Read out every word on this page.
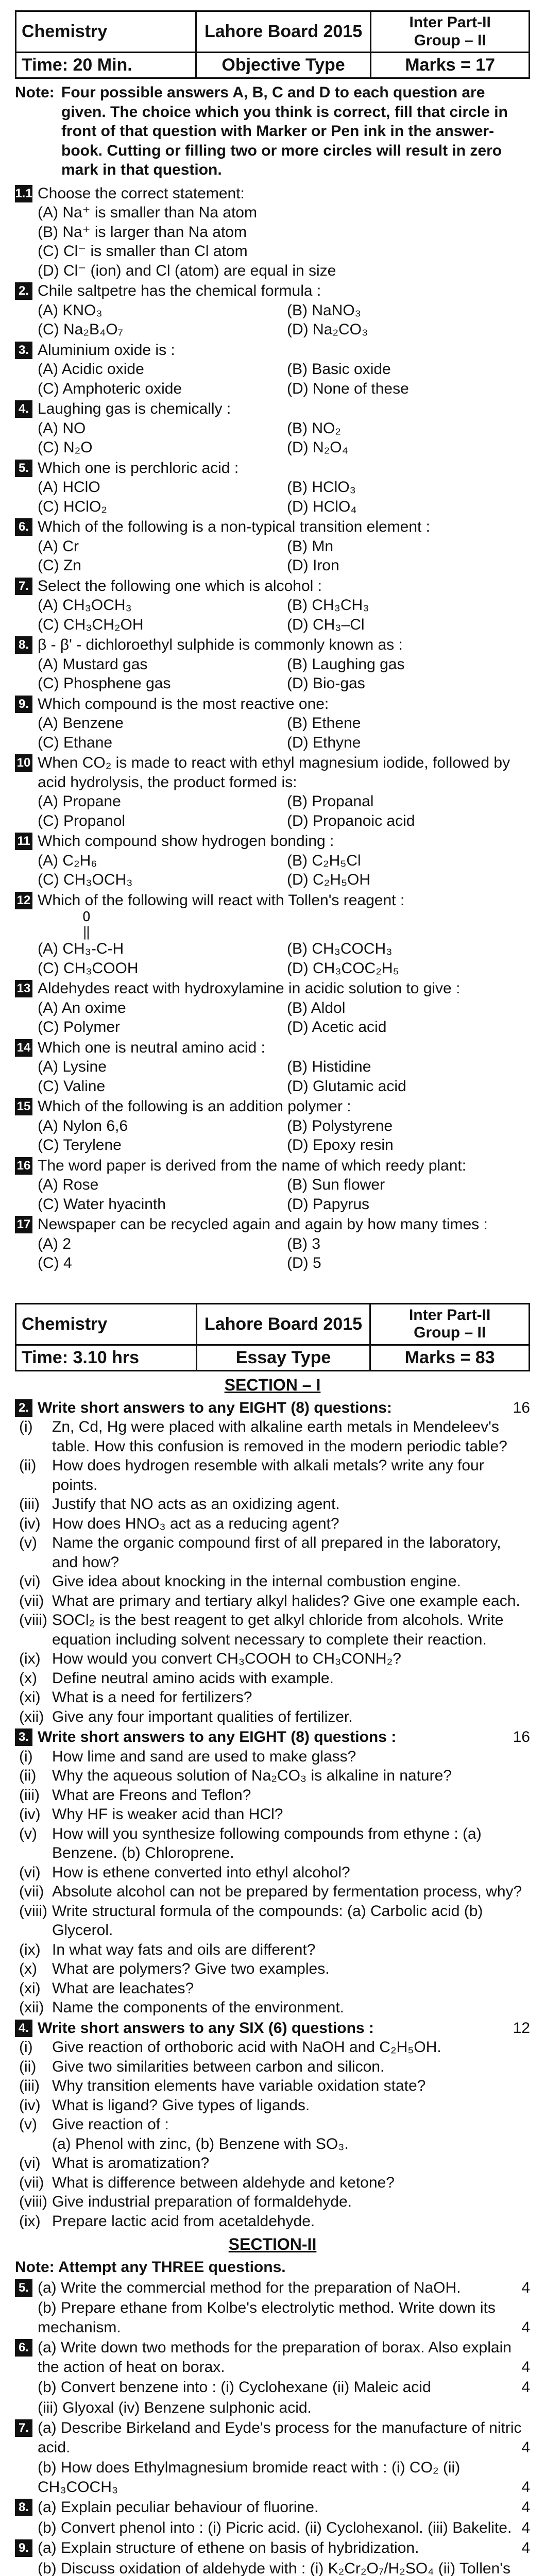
Chemistry	Lahore Board 2015	Inter Part-II
Group – II

Time: 20 Min.	Objective Type	Marks = 17
Note: Four possible answers A, B, C and D to each question are given. The choice which you think is correct, fill that circle in front of that question with Marker or Pen ink in the answer-book. Cutting or filling two or more circles will result in zero mark in that question.
1.1 Choose the correct statement:
(A) Na⁺ is smaller than Na atom
(B) Na⁺ is larger than Na atom
(C) Cl⁻ is smaller than Cl atom
(D) Cl⁻ (ion) and Cl (atom) are equal in size
2. Chile saltpetre has the chemical formula :
(A) KNO₃	(B) NaNO₃
(C) Na₂B₄O₇	(D) Na₂CO₃
3. Aluminium oxide is :
(A) Acidic oxide	(B) Basic oxide
(C) Amphoteric oxide	(D) None of these
4. Laughing gas is chemically :
(A) NO	(B) NO₂
(C) N₂O	(D) N₂O₄
5. Which one is perchloric acid :
(A) HClO	(B) HClO₃
(C) HClO₂	(D) HClO₄
6. Which of the following is a non-typical transition element :
(A) Cr	(B) Mn
(C) Zn	(D) Iron
7. Select the following one which is alcohol :
(A) CH₃OCH₃	(B) CH₃CH₃
(C) CH₃CH₂OH	(D) CH₃–Cl
8. β - β' - dichloroethyl sulphide is commonly known as :
(A) Mustard gas	(B) Laughing gas
(C) Phosphene gas	(D) Bio-gas
9. Which compound is the most reactive one:
(A) Benzene	(B) Ethene
(C) Ethane	(D) Ethyne
10 When CO₂ is made to react with ethyl magnesium iodide, followed by acid hydrolysis, the product formed is:
(A) Propane	(B) Propanal
(C) Propanol	(D) Propanoic acid
11 Which compound show hydrogen bonding :
(A) C₂H₆	(B) C₂H₅Cl
(C) CH₃OCH₃	(D) C₂H₅OH
12 Which of the following will react with Tollen's reagent :
O
‖
(A) CH₃-C-H	(B) CH₃COCH₃
(C) CH₃COOH	(D) CH₃COC₂H₅
13 Aldehydes react with hydroxylamine in acidic solution to give :
(A) An oxime	(B) Aldol
(C) Polymer	(D) Acetic acid
14 Which one is neutral amino acid :
(A) Lysine	(B) Histidine
(C) Valine	(D) Glutamic acid
15 Which of the following is an addition polymer :
(A) Nylon 6,6	(B) Polystyrene
(C) Terylene	(D) Epoxy resin
16 The word paper is derived from the name of which reedy plant:
(A) Rose	(B) Sun flower
(C) Water hyacinth	(D) Papyrus
17 Newspaper can be recycled again and again by how many times :
(A) 2	(B) 3
(C) 4	(D) 5
Chemistry	Lahore Board 2015	Inter Part-II
Group – II

Time: 3.10 hrs	Essay Type	Marks = 83
SECTION – I
2. Write short answers to any EIGHT (8) questions:	16
(i)	Zn, Cd, Hg were placed with alkaline earth metals in Mendeleev's table. How this confusion is removed in the modern periodic table?
(ii)	How does hydrogen resemble with alkali metals? write any four points.
(iii) Justify that NO acts as an oxidizing agent.
(iv) How does HNO₃ act as a reducing agent?
(v) Name the organic compound first of all prepared in the laboratory, and how?
(vi) Give idea about knocking in the internal combustion engine.
(vii) What are primary and tertiary alkyl halides? Give one example each.
(viii) SOCl₂ is the best reagent to get alkyl chloride from alcohols. Write equation including solvent necessary to complete their reaction.
(ix) How would you convert CH₃COOH to CH₃CONH₂?
(x) Define neutral amino acids with example.
(xi) What is a need for fertilizers?
(xii) Give any four important qualities of fertilizer.
3. Write short answers to any EIGHT (8) questions :	16
(i)	How lime and sand are used to make glass?
(ii)	Why the aqueous solution of Na₂CO₃ is alkaline in nature?
(iii) What are Freons and Teflon?
(iv) Why HF is weaker acid than HCl?
(v) How will you synthesize following compounds from ethyne : (a) Benzene. (b) Chloroprene.
(vi) How is ethene converted into ethyl alcohol?
(vii) Absolute alcohol can not be prepared by fermentation process, why?
(viii) Write structural formula of the compounds: (a) Carbolic acid (b) Glycerol.
(ix) In what way fats and oils are different?
(x) What are polymers? Give two examples.
(xi) What are leachates?
(xii) Name the components of the environment.
4. Write short answers to any SIX (6) questions :	12
(i)	Give reaction of orthoboric acid with NaOH and C₂H₅OH.
(ii)	Give two similarities between carbon and silicon.
(iii) Why transition elements have variable oxidation state?
(iv) What is ligand? Give types of ligands.
(v) Give reaction of :
(a) Phenol with zinc, (b) Benzene with SO₃.
(vi) What is aromatization?
(vii) What is difference between aldehyde and ketone?
(viii) Give industrial preparation of formaldehyde.
(ix) Prepare lactic acid from acetaldehyde.
SECTION-II
Note: Attempt any THREE questions.
5. (a) Write the commercial method for the preparation of NaOH.	4
(b) Prepare ethane from Kolbe's electrolytic method. Write down its mechanism.	4
6. (a) Write down two methods for the preparation of borax. Also explain the action of heat on borax.	4
(b) Convert benzene into : (i) Cyclohexane (ii) Maleic acid	4
(iii) Glyoxal (iv) Benzene sulphonic acid.
7. (a) Describe Birkeland and Eyde's process for the manufacture of nitric acid.	4
(b) How does Ethylmagnesium bromide react with : (i) CO₂ (ii) CH₃COCH₃	4
8. (a) Explain peculiar behaviour of fluorine.	4
(b) Convert phenol into : (i) Picric acid. (ii) Cyclohexanol. (iii) Bakelite. 4
9. (a) Explain structure of ethene on basis of hybridization.	4
(b) Discuss oxidation of aldehyde with : (i) K₂Cr₂O₇/H₂SO₄ (ii) Tollen's
